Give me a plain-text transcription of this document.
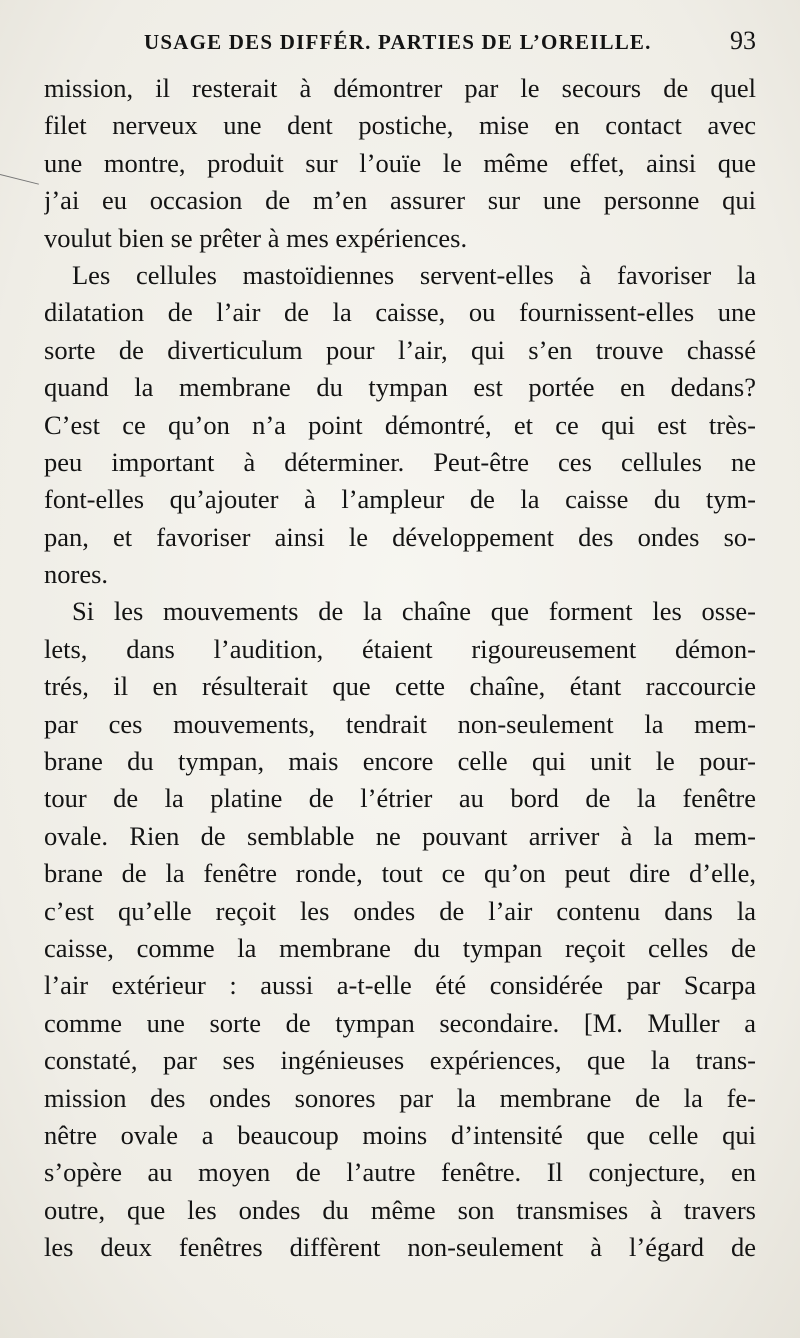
USAGE DES DIFFÉR. PARTIES DE L’OREILLE.	93
mission, il resterait à démontrer par le secours de quel
filet nerveux une dent postiche, mise en contact avec
une montre, produit sur l’ouïe le même effet, ainsi que
j’ai eu occasion de m’en assurer sur une personne qui
voulut bien se prêter à mes expériences.
Les cellules mastoïdiennes servent-elles à favoriser la
dilatation de l’air de la caisse, ou fournissent-elles une
sorte de diverticulum pour l’air, qui s’en trouve chassé
quand la membrane du tympan est portée en dedans?
C’est ce qu’on n’a point démontré, et ce qui est très-
peu important à déterminer. Peut-être ces cellules ne
font-elles qu’ajouter à l’ampleur de la caisse du tym-
pan, et favoriser ainsi le développement des ondes so-
nores.
Si les mouvements de la chaîne que forment les osse-
lets, dans l’audition, étaient rigoureusement démon-
trés, il en résulterait que cette chaîne, étant raccourcie
par ces mouvements, tendrait non-seulement la mem-
brane du tympan, mais encore celle qui unit le pour-
tour de la platine de l’étrier au bord de la fenêtre
ovale. Rien de semblable ne pouvant arriver à la mem-
brane de la fenêtre ronde, tout ce qu’on peut dire d’elle,
c’est qu’elle reçoit les ondes de l’air contenu dans la
caisse, comme la membrane du tympan reçoit celles de
l’air extérieur : aussi a-t-elle été considérée par Scarpa
comme une sorte de tympan secondaire. [M. Muller a
constaté, par ses ingénieuses expériences, que la trans-
mission des ondes sonores par la membrane de la fe-
nêtre ovale a beaucoup moins d’intensité que celle qui
s’opère au moyen de l’autre fenêtre. Il conjecture, en
outre, que les ondes du même son transmises à travers
les deux fenêtres diffèrent non-seulement à l’égard de
